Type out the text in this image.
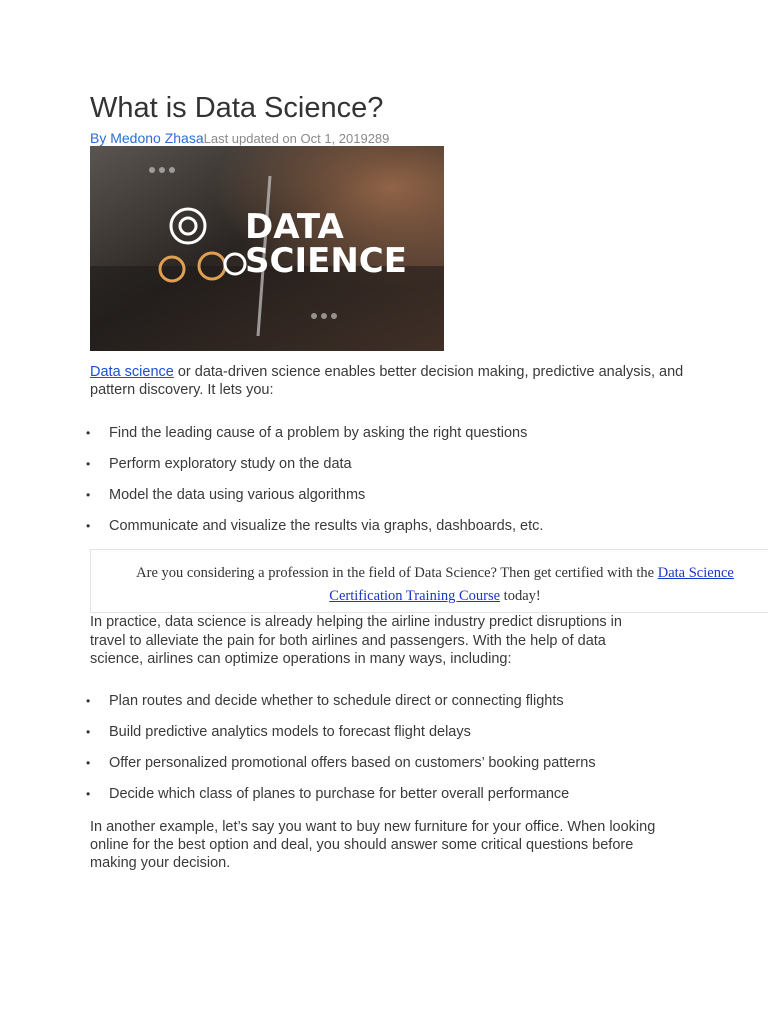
What is Data Science?
By Medono ZhasaLast updated on Oct 1, 2019289
DATA
SCIENCE

Data science or data-driven science enables better decision making, predictive analysis, and pattern discovery. It lets you:

• Find the leading cause of a problem by asking the right questions
• Perform exploratory study on the data
• Model the data using various algorithms
• Communicate and visualize the results via graphs, dashboards, etc.

In practice, data science is already helping the airline industry predict disruptions in travel to alleviate the pain for both airlines and passengers. With the help of data science, airlines can optimize operations in many ways, including:

• Plan routes and decide whether to schedule direct or connecting flights
• Build predictive analytics models to forecast flight delays
• Offer personalized promotional offers based on customers’ booking patterns
• Decide which class of planes to purchase for better overall performance

In another example, let’s say you want to buy new furniture for your office. When looking online for the best option and deal, you should answer some critical questions before making your decision.

Are you considering a profession in the field of Data Science? Then get certified with the Data Science Certification Training Course today!
